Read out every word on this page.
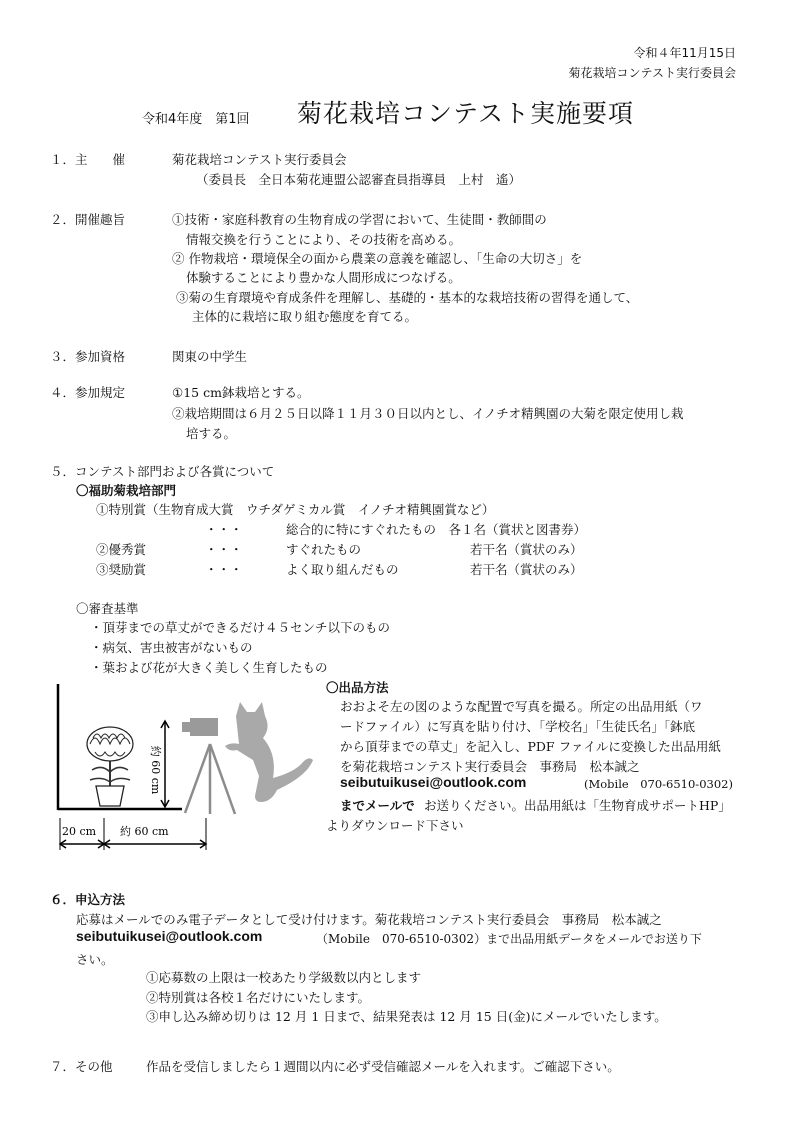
令和４年11月15日
菊花栽培コンテスト実行委員会
令和4年度　第1回 菊花栽培コンテスト実施要項
１．主　　催	菊花栽培コンテスト実行委員会
（委員長　全日本菊花連盟公認審査員指導員　上村　遙）
２．開催趣旨	①技術・家庭科教育の生物育成の学習において、生徒間・教師間の
情報交換を行うことにより、その技術を高める。
② 作物栽培・環境保全の面から農業の意義を確認し、「生命の大切さ」を
体験することにより豊かな人間形成につなげる。
③菊の生育環境や育成条件を理解し、基礎的・基本的な栽培技術の習得を通して、
主体的に栽培に取り組む態度を育てる。
３．参加資格	関東の中学生
４．参加規定	①15 cm鉢栽培とする。
②栽培期間は６月２５日以降１１月３０日以内とし、イノチオ精興園の大菊を限定使用し栽
培する。
５．コンテスト部門および各賞について
〇福助菊栽培部門
①特別賞（生物育成大賞　ウチダゲミカル賞　イノチオ精興園賞など）
・・・	総合的に特にすぐれたもの　各１名（賞状と図書券）
②優秀賞	・・・	すぐれたもの	若干名（賞状のみ）
③奨励賞	・・・	よく取り組んだもの	若干名（賞状のみ）
〇審査基準
・頂芽までの草丈ができるだけ４５センチ以下のもの
・病気、害虫被害がないもの
・葉および花が大きく美しく生育したもの
約 60 cm
20 cm 約 60 cm
〇出品方法
おおよそ左の図のような配置で写真を撮る。所定の出品用紙（ワ
ードファイル）に写真を貼り付け、「学校名」「生徒氏名」「鉢底
から頂芽までの草丈」を記入し、PDF ファイルに変換した出品用紙
を菊花栽培コンテスト実行委員会　事務局　松本誠之
seibutuikusei@outlook.com	(Mobile　070-6510-0302)
までメールで お送りください。出品用紙は「生物育成サポートHP」
よりダウンロード下さい
６．申込方法
応募はメールでのみ電子データとして受け付けます。菊花栽培コンテスト実行委員会　事務局　松本誠之
seibutuikusei@outlook.com	（Mobile　070-6510-0302）まで出品用紙データをメールでお送り下
さい。
①応募数の上限は一校あたり学級数以内とします
②特別賞は各校１名だけにいたします。
③申し込み締め切りは 12 月 1 日まで、結果発表は 12 月 15 日(金)にメールでいたします。
７．その他	作品を受信しましたら１週間以内に必ず受信確認メールを入れます。ご確認下さい。
